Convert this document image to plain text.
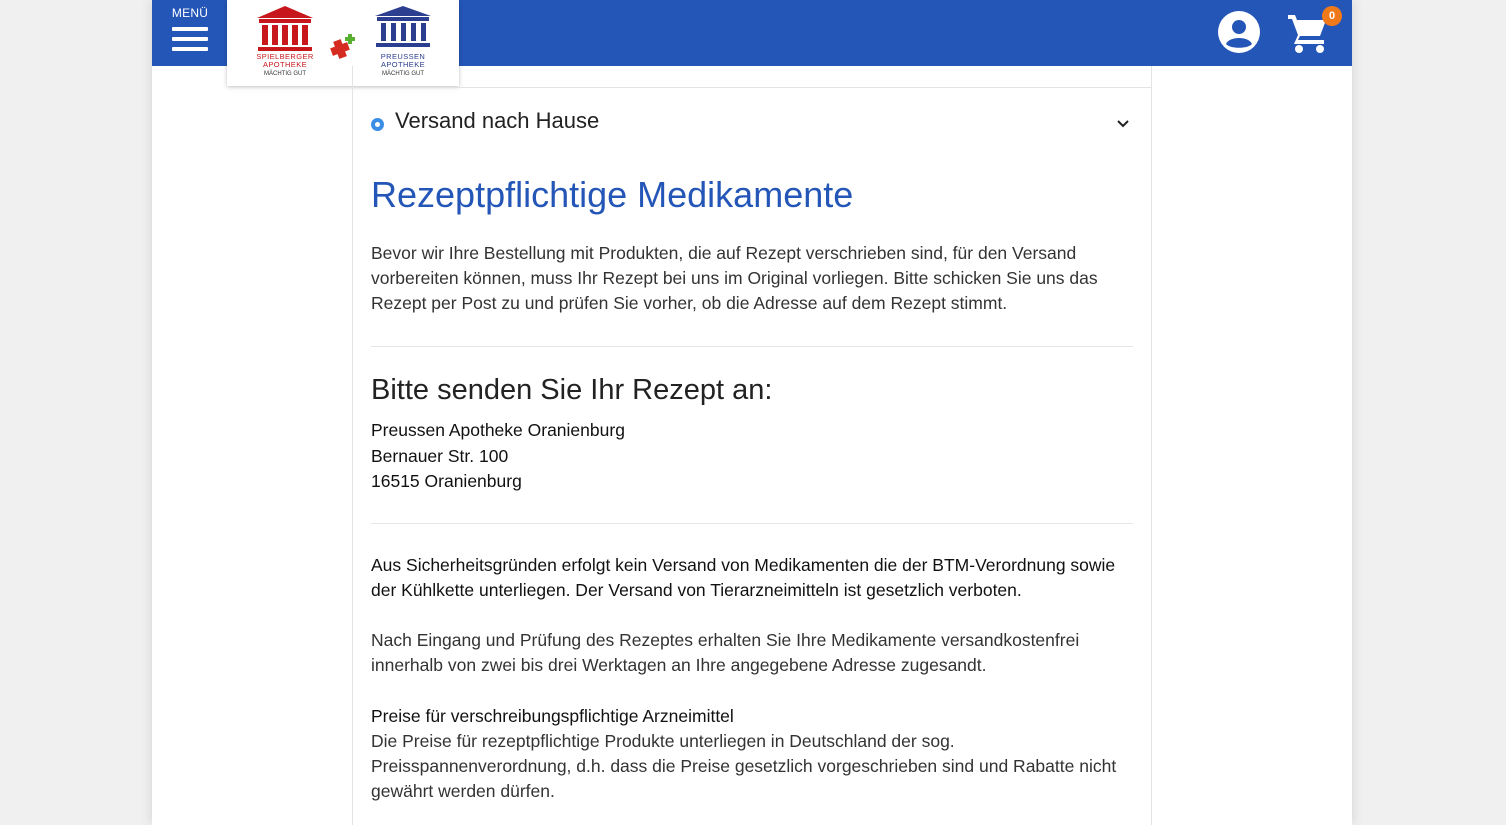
MENÜ
SPIELBERGER
APOTHEKE
MÄCHTIG GUT
PREUSSEN
APOTHEKE
MÄCHTIG GUT
0
Versand nach Hause
Rezeptpflichtige Medikamente
Bevor wir Ihre Bestellung mit Produkten, die auf Rezept verschrieben sind, für den Versand vorbereiten können, muss Ihr Rezept bei uns im Original vorliegen. Bitte schicken Sie uns das Rezept per Post zu und prüfen Sie vorher, ob die Adresse auf dem Rezept stimmt.
Bitte senden Sie Ihr Rezept an:
Preussen Apotheke Oranienburg
Bernauer Str. 100
16515 Oranienburg
Aus Sicherheitsgründen erfolgt kein Versand von Medikamenten die der BTM-Verordnung sowie der Kühlkette unterliegen. Der Versand von Tierarzneimitteln ist gesetzlich verboten.
Nach Eingang und Prüfung des Rezeptes erhalten Sie Ihre Medikamente versandkostenfrei innerhalb von zwei bis drei Werktagen an Ihre angegebene Adresse zugesandt.
Preise für verschreibungspflichtige Arzneimittel
Die Preise für rezeptpflichtige Produkte unterliegen in Deutschland der sog. Preisspannenverordnung, d.h. dass die Preise gesetzlich vorgeschrieben sind und Rabatte nicht gewährt werden dürfen.
